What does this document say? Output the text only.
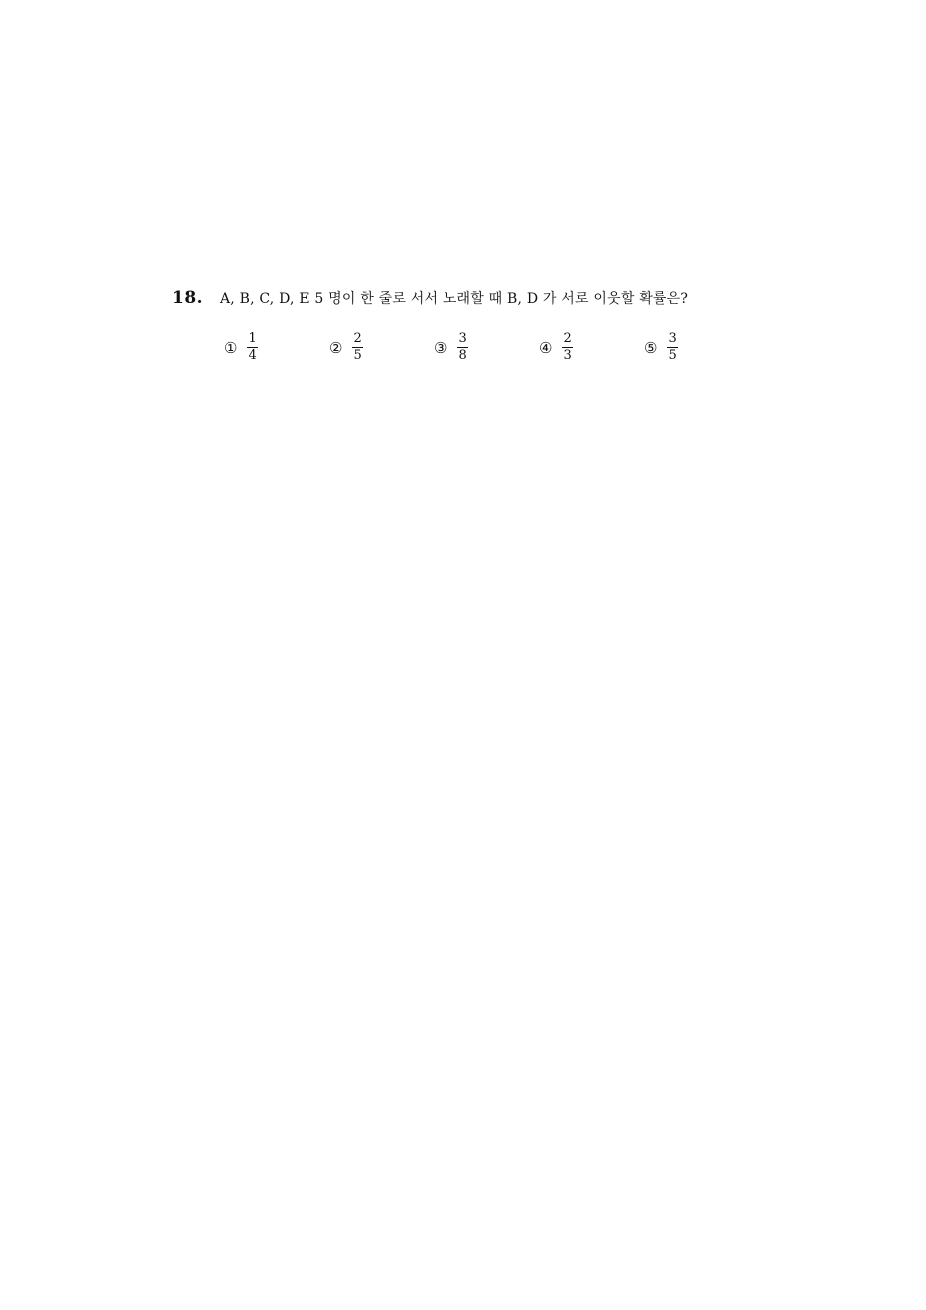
18.	A, B, C, D, E 5 명이 한 줄로 서서 노래할 때 B, D 가 서로 이웃할 확률은?
① $\frac{1}{4}$	② $\frac{2}{5}$	③ $\frac{3}{8}$	④ $\frac{2}{3}$	⑤ $\frac{3}{5}$
